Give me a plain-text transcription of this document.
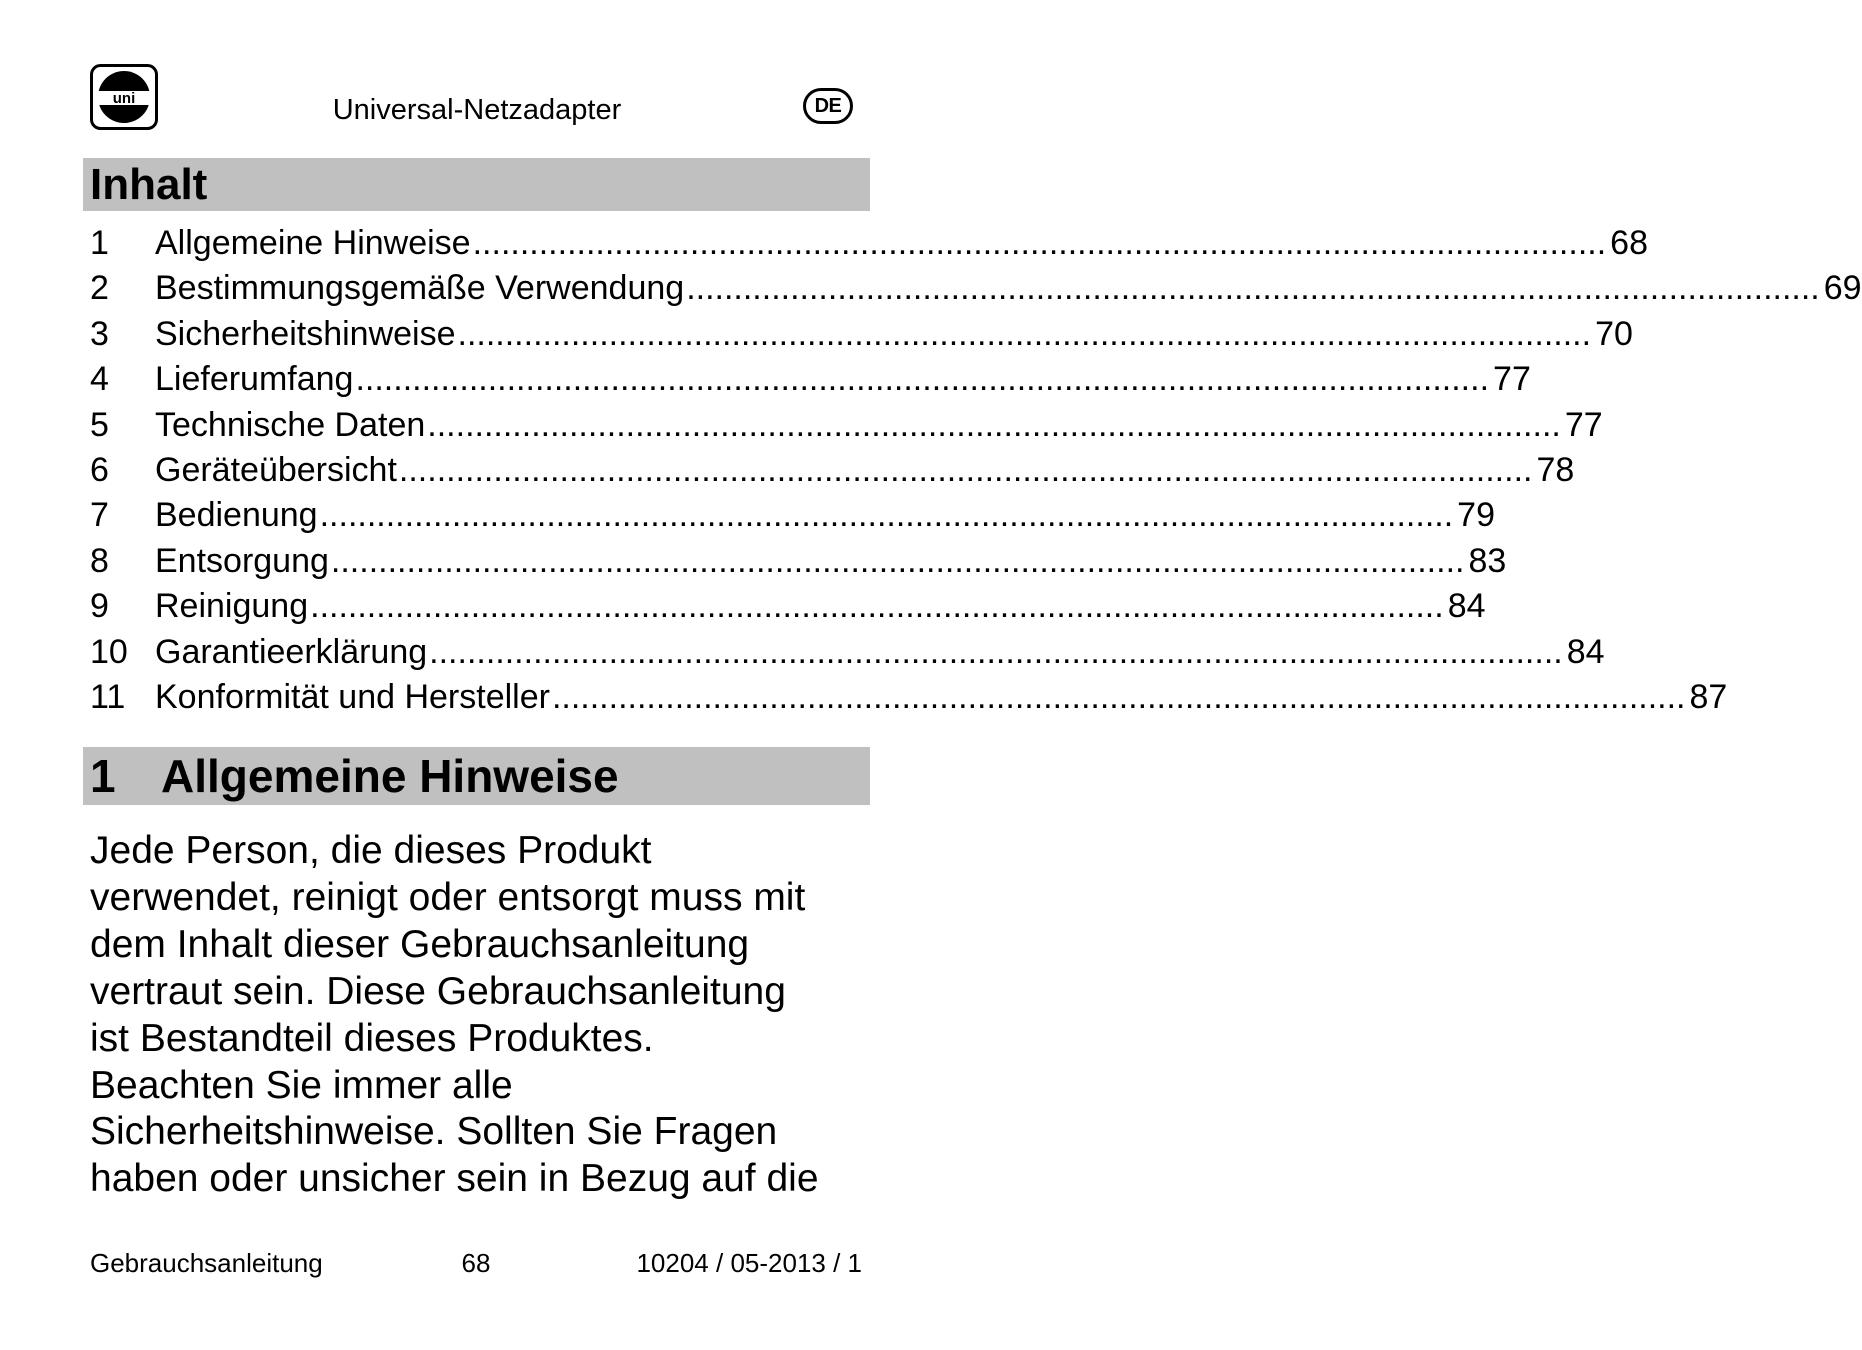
uni	Universal-Netzadapter	DE
Inhalt
1	Allgemeine Hinweise ........................................................................................................................ 68
2	Bestimmungsgemäße Verwendung ........................................................................................................................ 69
3	Sicherheitshinweise ........................................................................................................................ 70
4	Lieferumfang ........................................................................................................................ 77
5	Technische Daten ........................................................................................................................ 77
6	Geräteübersicht ........................................................................................................................ 78
7	Bedienung ........................................................................................................................ 79
8	Entsorgung ........................................................................................................................ 83
9	Reinigung ........................................................................................................................ 84
10 Garantieerklärung ........................................................................................................................ 84
11 Konformität und Hersteller ........................................................................................................................ 87
1 Allgemeine Hinweise

Jede Person, die dieses Produkt

verwendet, reinigt oder entsorgt muss mit

dem Inhalt dieser Gebrauchsanleitung

vertraut sein. Diese Gebrauchsanleitung

ist Bestandteil dieses Produktes.

Beachten Sie immer alle

Sicherheitshinweise. Sollten Sie Fragen

haben oder unsicher sein in Bezug auf die

Gebrauchsanleitung	68	10204 / 05-2013 / 1
